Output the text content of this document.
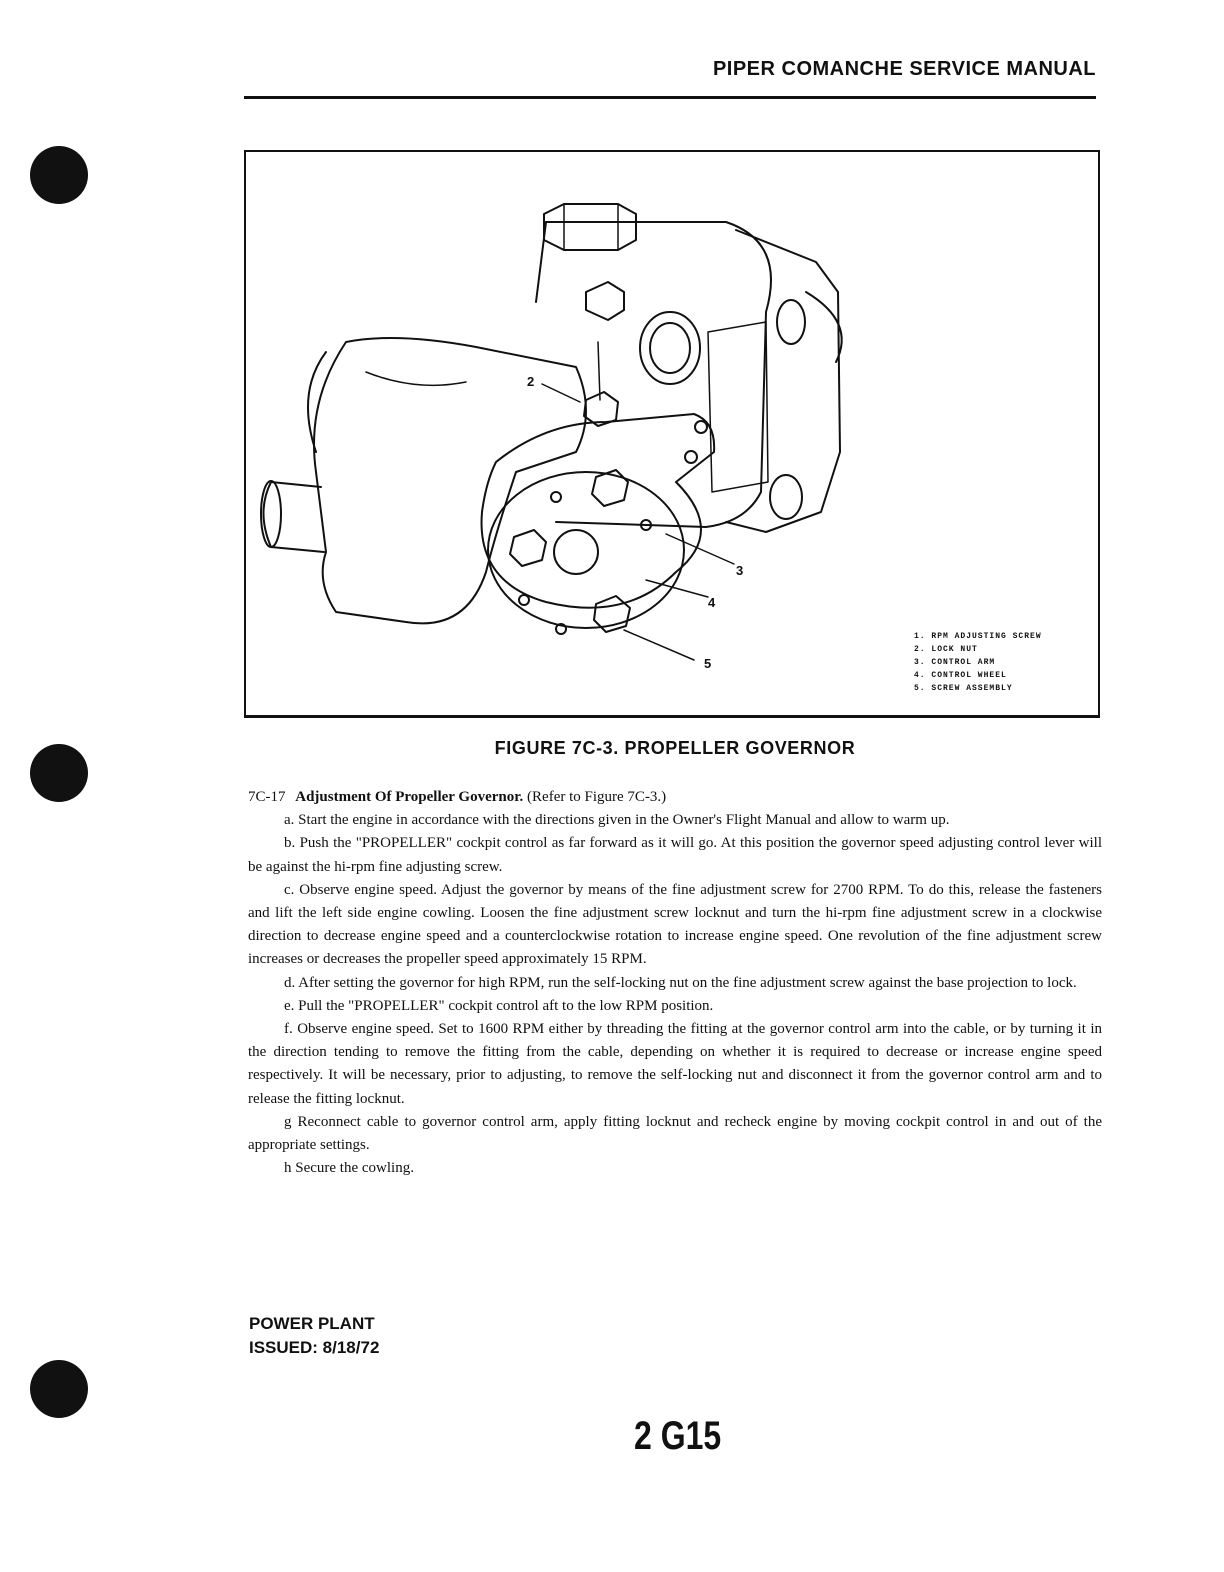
PIPER COMANCHE SERVICE MANUAL
2
3
4
5
1. RPM ADJUSTING SCREW
2. LOCK NUT
3. CONTROL ARM
4. CONTROL WHEEL
5. SCREW ASSEMBLY
FIGURE 7C-3. PROPELLER GOVERNOR

7C-17 Adjustment Of Propeller Governor. (Refer to Figure 7C-3.)

a. Start the engine in accordance with the directions given in the Owner's Flight Manual and allow to warm up.

b. Push the "PROPELLER" cockpit control as far forward as it will go. At this position the governor speed adjusting control lever will be against the hi-rpm fine adjusting screw.

c. Observe engine speed. Adjust the governor by means of the fine adjustment screw for 2700 RPM. To do this, release the fasteners and lift the left side engine cowling. Loosen the fine adjustment screw locknut and turn the hi-rpm fine adjustment screw in a clockwise direction to decrease engine speed and a counterclockwise rotation to increase engine speed. One revolution of the fine adjustment screw increases or decreases the propeller speed approximately 15 RPM.

d. After setting the governor for high RPM, run the self-locking nut on the fine adjustment screw against the base projection to lock.

e. Pull the "PROPELLER" cockpit control aft to the low RPM position.

f. Observe engine speed. Set to 1600 RPM either by threading the fitting at the governor control arm into the cable, or by turning it in the direction tending to remove the fitting from the cable, depending on whether it is required to decrease or increase engine speed respectively. It will be necessary, prior to adjusting, to remove the self-locking nut and disconnect it from the governor control arm and to release the fitting locknut.

g Reconnect cable to governor control arm, apply fitting locknut and recheck engine by moving cockpit control in and out of the appropriate settings.

h Secure the cowling.

POWER PLANT
ISSUED: 8/18/72
2 G15
